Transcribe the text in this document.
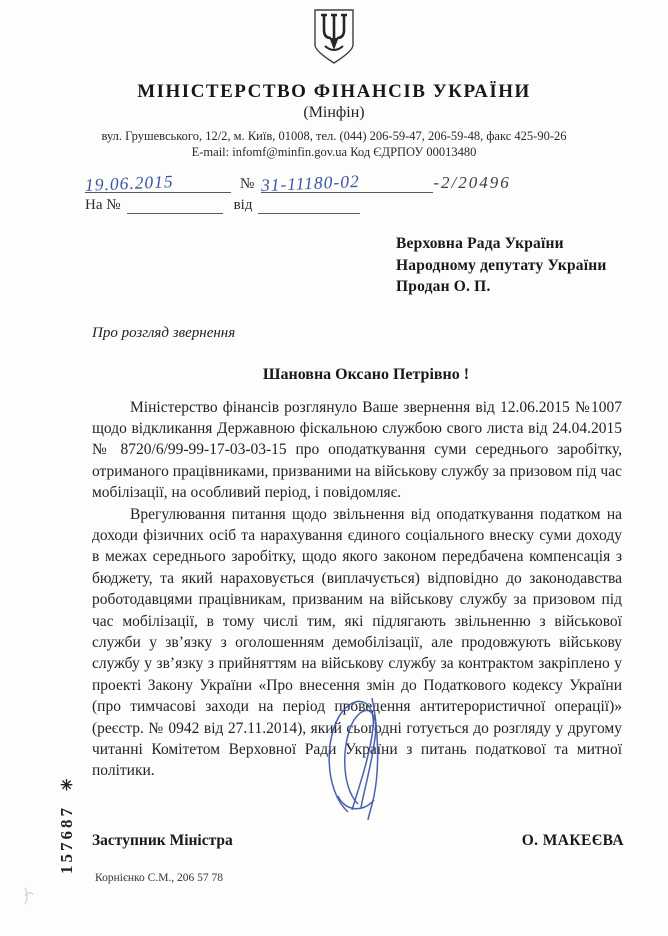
МІНІСТЕРСТВО ФІНАНСІВ УКРАЇНИ
(Мінфін)
вул. Грушевського, 12/2, м. Київ, 01008, тел. (044) 206-59-47, 206-59-48, факс 425-90-26
E-mail: infomf@minfin.gov.ua Код ЄДРПОУ 00013480
19.06.2015	№ 31-11180-02	-2/20496
На №	від
Верховна Рада України
Народному депутату України
Продан О. П.
Про розгляд звернення
Шановна Оксано Петрівно !

Міністерство фінансів розглянуло Ваше звернення від 12.06.2015 №1007 щодо відкликання Державною фіскальною службою свого листа від 24.04.2015 № 8720/6/99-99-17-03-03-15 про оподаткування суми середнього заробітку, отриманого працівниками, призваними на військову службу за призовом під час мобілізації, на особливий період, і повідомляє.

Врегулювання питання щодо звільнення від оподаткування податком на доходи фізичних осіб та нарахування єдиного соціального внеску суми доходу в межах середнього заробітку, щодо якого законом передбачена компенсація з бюджету, та який нараховується (виплачується) відповідно до законодавства роботодавцями працівникам, призваним на військову службу за призовом під час мобілізації, в тому числі тим, які підлягають звільненню з військової служби у зв’язку з оголошенням демобілізації, але продовжують військову службу у зв’язку з прийняттям на військову службу за контрактом закріплено у проекті Закону України «Про внесення змін до Податкового кодексу України (про тимчасові заходи на період проведення антитерористичної операції)» (реєстр. № 0942 від 27.11.2014), який сьогодні готується до розгляду у другому читанні Комітетом Верховної Ради України з питань податкової та митної політики.

Заступник Міністра	О. МАКЕЄВА
157687✳
Корнієнко С.М., 206 57 78
